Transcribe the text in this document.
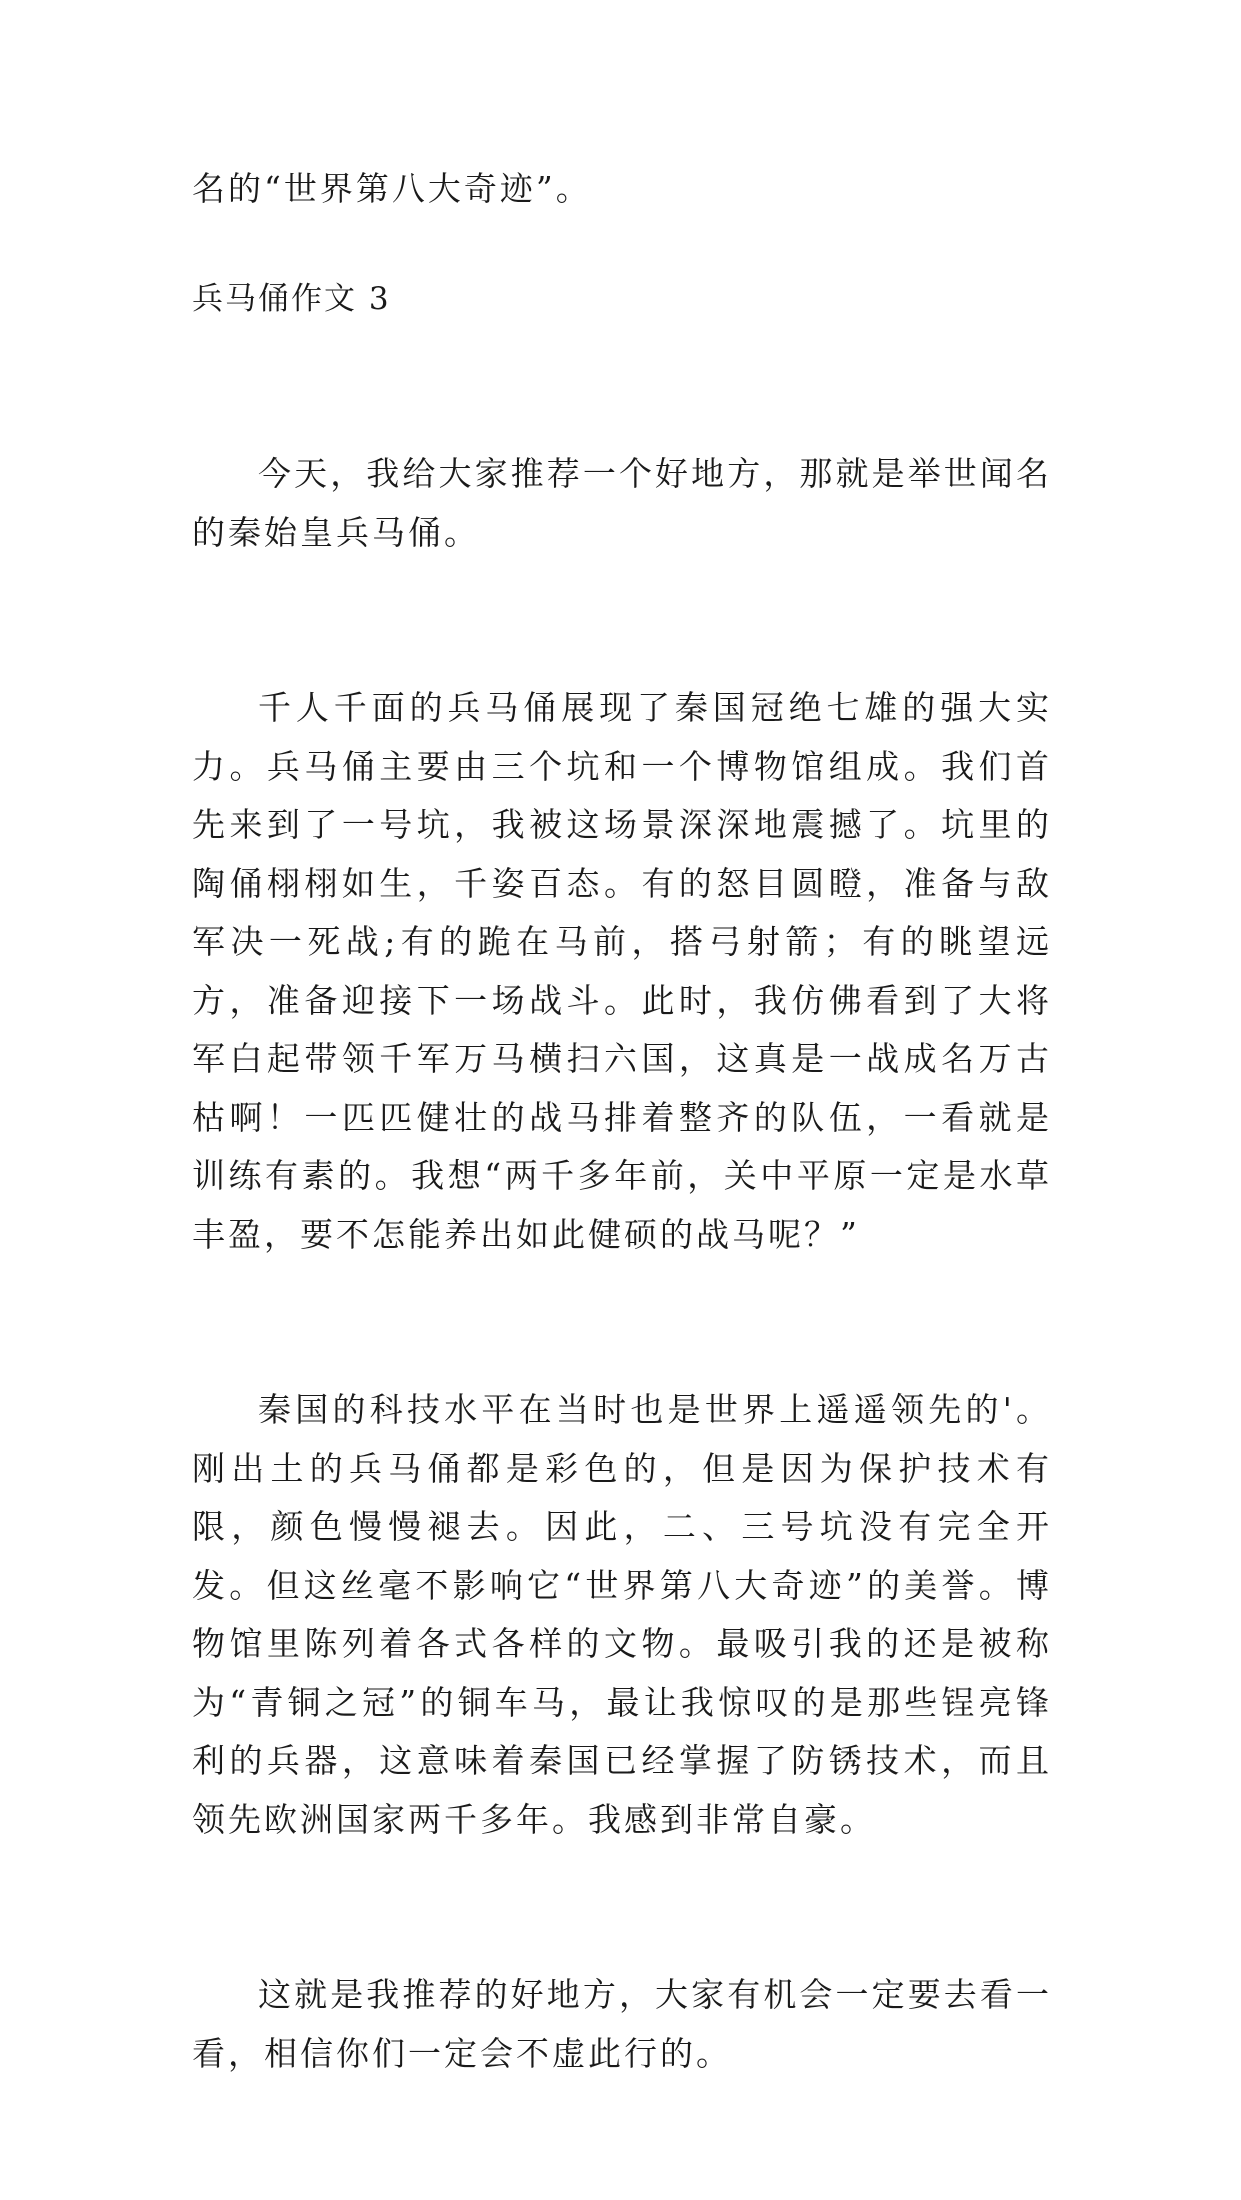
名的“世界第八大奇迹”。
兵马俑作文 3

今天，我给大家推荐一个好地方，那就是举世闻名的秦始皇兵马俑。

千人千面的兵马俑展现了秦国冠绝七雄的强大实力。兵马俑主要由三个坑和一个博物馆组成。我们首先来到了一号坑，我被这场景深深地震撼了。坑里的陶俑栩栩如生，千姿百态。有的怒目圆瞪，准备与敌军决一死战;有的跪在马前，搭弓射箭；有的眺望远方，准备迎接下一场战斗。此时，我仿佛看到了大将军白起带领千军万马横扫六国，这真是一战成名万古枯啊！一匹匹健壮的战马排着整齐的队伍，一看就是训练有素的。我想“两千多年前，关中平原一定是水草丰盈，要不怎能养出如此健硕的战马呢？”

秦国的科技水平在当时也是世界上遥遥领先的'。刚出土的兵马俑都是彩色的，但是因为保护技术有限，颜色慢慢褪去。因此，二、三号坑没有完全开发。但这丝毫不影响它“世界第八大奇迹”的美誉。博物馆里陈列着各式各样的文物。最吸引我的还是被称为“青铜之冠”的铜车马，最让我惊叹的是那些锃亮锋利的兵器，这意味着秦国已经掌握了防锈技术，而且领先欧洲国家两千多年。我感到非常自豪。

这就是我推荐的好地方，大家有机会一定要去看一看，相信你们一定会不虚此行的。
